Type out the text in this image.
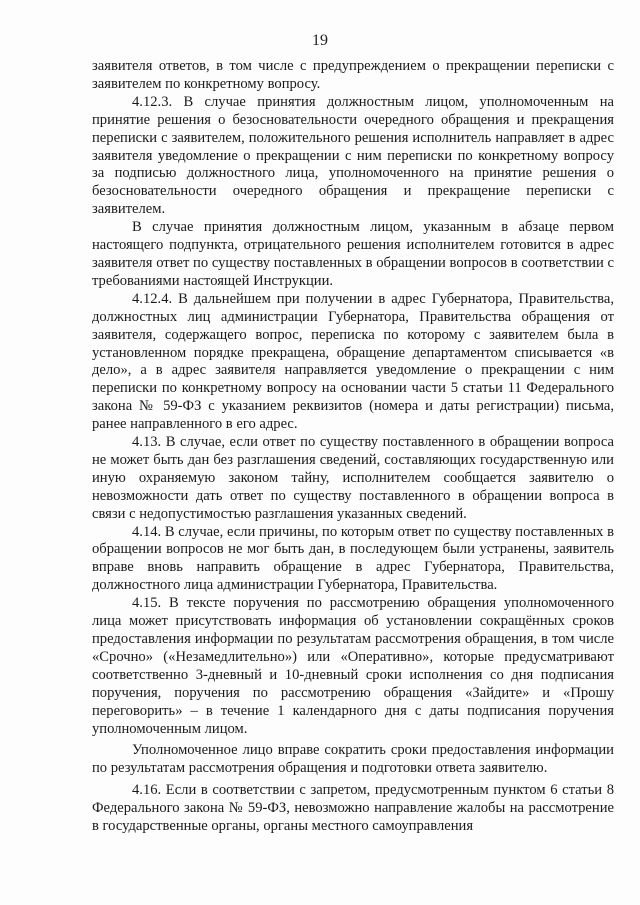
19

заявителя ответов, в том числе с предупреждением о прекращении переписки с заявителем по конкретному вопросу.

4.12.3. В случае принятия должностным лицом, уполномоченным на принятие решения о безосновательности очередного обращения и прекращения переписки с заявителем, положительного решения исполнитель направляет в адрес заявителя уведомление о прекращении с ним переписки по конкретному вопросу за подписью должностного лица, уполномоченного на принятие решения о безосновательности очередного обращения и прекращение переписки с заявителем.

В случае принятия должностным лицом, указанным в абзаце первом настоящего подпункта, отрицательного решения исполнителем готовится в адрес заявителя ответ по существу поставленных в обращении вопросов в соответствии с требованиями настоящей Инструкции.

4.12.4. В дальнейшем при получении в адрес Губернатора, Правительства, должностных лиц администрации Губернатора, Правительства обращения от заявителя, содержащего вопрос, переписка по которому с заявителем была в установленном порядке прекращена, обращение департаментом списывается «в дело», а в адрес заявителя направляется уведомление о прекращении с ним переписки по конкретному вопросу на основании части 5 статьи 11 Федерального закона № 59-ФЗ с указанием реквизитов (номера и даты регистрации) письма, ранее направленного в его адрес.

4.13. В случае, если ответ по существу поставленного в обращении вопроса не может быть дан без разглашения сведений, составляющих государственную или иную охраняемую законом тайну, исполнителем сообщается заявителю о невозможности дать ответ по существу поставленного в обращении вопроса в связи с недопустимостью разглашения указанных сведений.

4.14. В случае, если причины, по которым ответ по существу поставленных в обращении вопросов не мог быть дан, в последующем были устранены, заявитель вправе вновь направить обращение в адрес Губернатора, Правительства, должностного лица администрации Губернатора, Правительства.

4.15. В тексте поручения по рассмотрению обращения уполномоченного лица может присутствовать информация об установлении сокращённых сроков предоставления информации по результатам рассмотрения обращения, в том числе «Срочно» («Незамедлительно») или «Оперативно», которые предусматривают соответственно 3-дневный и 10-дневный сроки исполнения со дня подписания поручения, поручения по рассмотрению обращения «Зайдите» и «Прошу переговорить» – в течение 1 календарного дня с даты подписания поручения уполномоченным лицом.

Уполномоченное лицо вправе сократить сроки предоставления информации по результатам рассмотрения обращения и подготовки ответа заявителю.

4.16. Если в соответствии с запретом, предусмотренным пунктом 6 статьи 8 Федерального закона № 59-ФЗ, невозможно направление жалобы на рассмотрение в государственные органы, органы местного самоуправления
